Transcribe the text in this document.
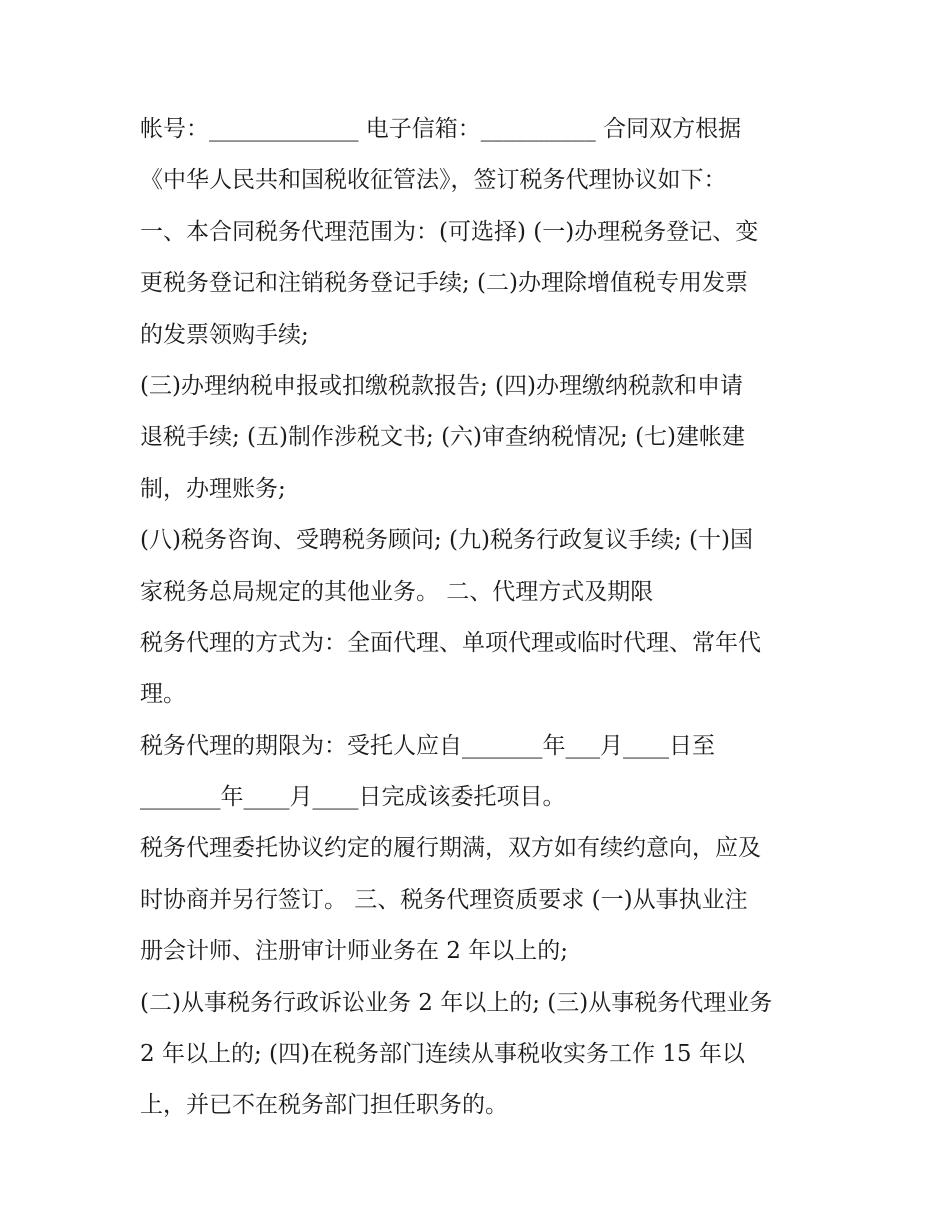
帐号：_____________ 电子信箱：__________ 合同双方根据

《中华人民共和国税收征管法》，签订税务代理协议如下：

一、本合同税务代理范围为：(可选择) (一)办理税务登记、变

更税务登记和注销税务登记手续; (二)办理除增值税专用发票

的发票领购手续;

(三)办理纳税申报或扣缴税款报告; (四)办理缴纳税款和申请

退税手续; (五)制作涉税文书; (六)审查纳税情况; (七)建帐建

制，办理账务;

(八)税务咨询、受聘税务顾问; (九)税务行政复议手续; (十)国

家税务总局规定的其他业务。 二、代理方式及期限

税务代理的方式为：全面代理、单项代理或临时代理、常年代

理。

税务代理的期限为：受托人应自_______年___月____日至

_______年____月____日完成该委托项目。

税务代理委托协议约定的履行期满，双方如有续约意向，应及

时协商并另行签订。 三、税务代理资质要求 (一)从事执业注

册会计师、注册审计师业务在 2 年以上的;

(二)从事税务行政诉讼业务 2 年以上的; (三)从事税务代理业务

2 年以上的; (四)在税务部门连续从事税收实务工作 15 年以

上，并已不在税务部门担任职务的。
